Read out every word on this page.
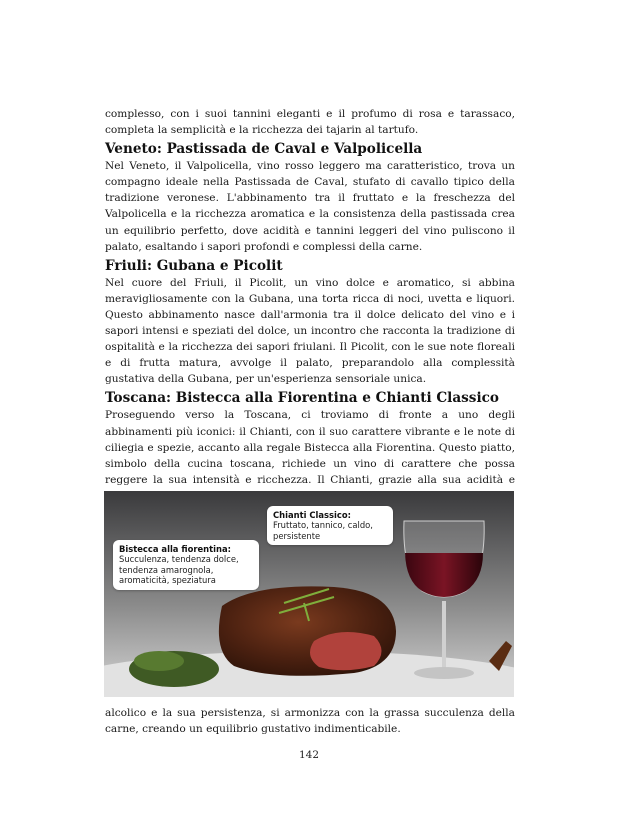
complesso, con i suoi tannini eleganti e il profumo di rosa e tarassaco, completa la semplicità e la ricchezza dei tajarin al tartufo.

Veneto: Pastissada de Caval e Valpolicella

Nel Veneto, il Valpolicella, vino rosso leggero ma caratteristico, trova un compagno ideale nella Pastissada de Caval, stufato di cavallo tipico della tradizione veronese. L'abbinamento tra il fruttato e la freschezza del Valpolicella e la ricchezza aromatica e la consistenza della pastissada crea un equilibrio perfetto, dove acidità e tannini leggeri del vino puliscono il palato, esaltando i sapori profondi e complessi della carne.

Friuli: Gubana e Picolit

Nel cuore del Friuli, il Picolit, un vino dolce e aromatico, si abbina meravigliosamente con la Gubana, una torta ricca di noci, uvetta e liquori. Questo abbinamento nasce dall'armonia tra il dolce delicato del vino e i sapori intensi e speziati del dolce, un incontro che racconta la tradizione di ospitalità e la ricchezza dei sapori friulani. Il Picolit, con le sue note floreali e di frutta matura, avvolge il palato, preparandolo alla complessità gustativa della Gubana, per un'esperienza sensoriale unica.

Toscana: Bistecca alla Fiorentina e Chianti Classico

Proseguendo verso la Toscana, ci troviamo di fronte a uno degli abbinamenti più iconici: il Chianti, con il suo carattere vibrante e le note di ciliegia e spezie, accanto alla regale Bistecca alla Fiorentina. Questo piatto, simbolo della cucina toscana, richiede un vino di carattere che possa reggere la sua intensità e ricchezza. Il Chianti, grazie alla sua acidità e

Chianti Classico:
Fruttato, tannico, caldo, persistente
Bistecca alla fiorentina:
Succulenza, tendenza dolce, tendenza amarognola, aromaticità, speziatura

alcolico e la sua persistenza, si armonizza con la grassa succulenza della carne, creando un equilibrio gustativo indimenticabile.

142
